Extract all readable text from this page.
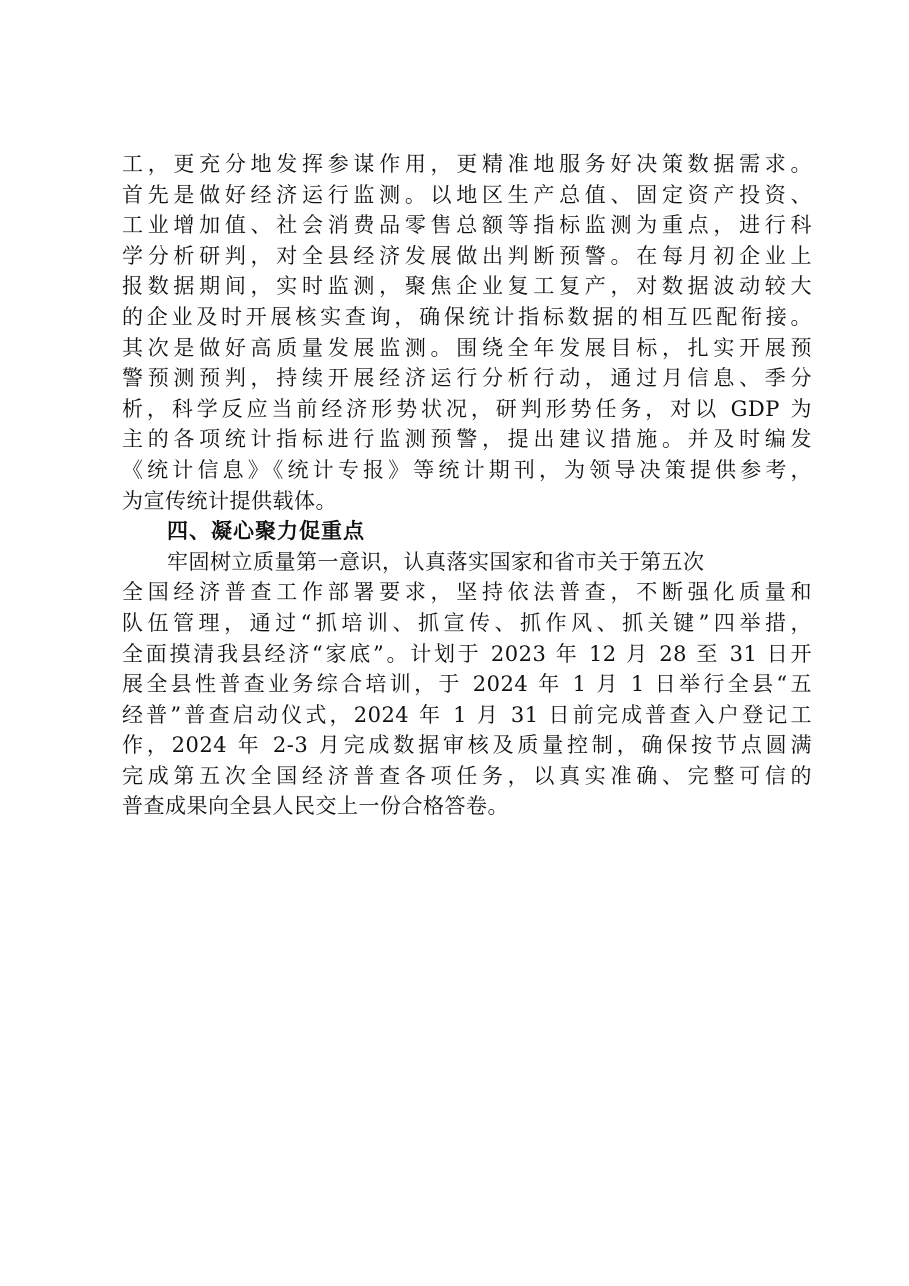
工，更充分地发挥参谋作用，更精准地服务好决策数据需求。
首先是做好经济运行监测。以地区生产总值、固定资产投资、
工业增加值、社会消费品零售总额等指标监测为重点，进行科
学分析研判，对全县经济发展做出判断预警。在每月初企业上
报数据期间，实时监测，聚焦企业复工复产，对数据波动较大
的企业及时开展核实查询，确保统计指标数据的相互匹配衔接。
其次是做好高质量发展监测。围绕全年发展目标，扎实开展预
警预测预判，持续开展经济运行分析行动，通过月信息、季分
析，科学反应当前经济形势状况，研判形势任务，对以 GDP 为
主的各项统计指标进行监测预警，提出建议措施。并及时编发
《统计信息》《统计专报》等统计期刊，为领导决策提供参考，
为宣传统计提供载体。
四、凝心聚力促重点
牢固树立质量第一意识，认真落实国家和省市关于第五次
全国经济普查工作部署要求，坚持依法普查，不断强化质量和
队伍管理，通过“抓培训、抓宣传、抓作风、抓关键”四举措，
全面摸清我县经济“家底”。计划于 2023 年 12 月 28 至 31 日开
展全县性普查业务综合培训，于 2024 年 1 月 1 日举行全县“五
经普”普查启动仪式，2024 年 1 月 31 日前完成普查入户登记工
作，2024 年 2-3 月完成数据审核及质量控制，确保按节点圆满
完成第五次全国经济普查各项任务，以真实准确、完整可信的
普查成果向全县人民交上一份合格答卷。
